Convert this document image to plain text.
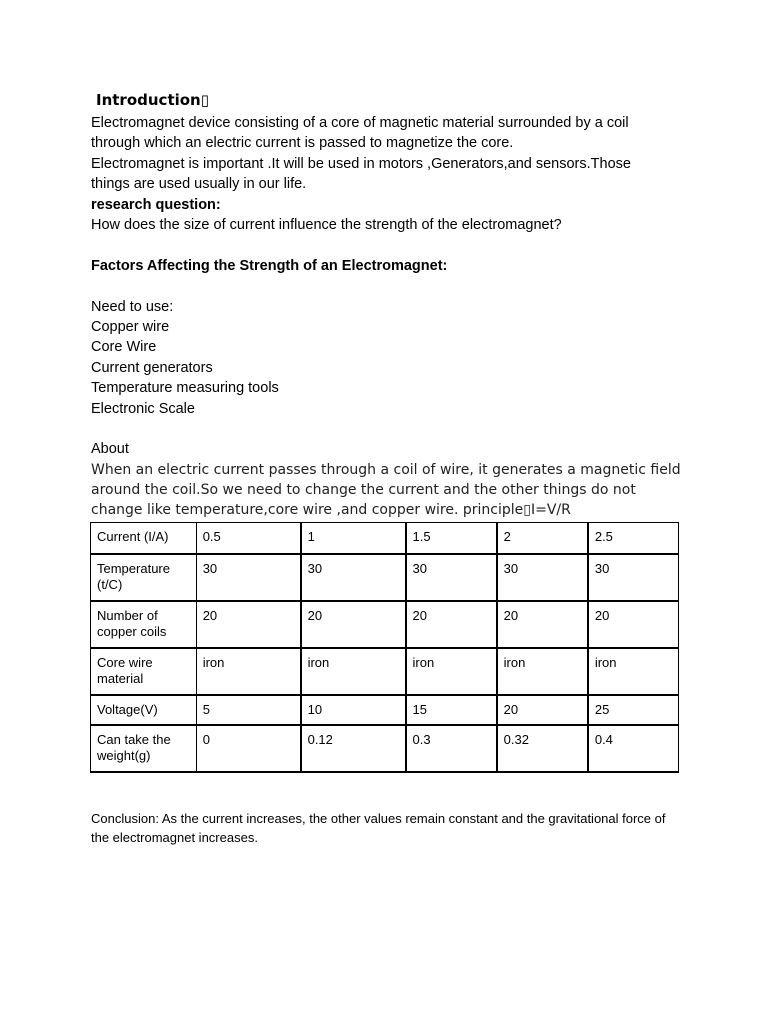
Introduction▯
Electromagnet device consisting of a core of magnetic material surrounded by a coil
through which an electric current is passed to magnetize the core.
Electromagnet is important .It will be used in motors ,Generators,and sensors.Those
things are used usually in our life.
research question:
How does the size of current influence the strength of the electromagnet?
Factors Affecting the Strength of an Electromagnet:
Need to use:
Copper wire
Core Wire
Current generators
Temperature measuring tools
Electronic Scale
About
When an electric current passes through a coil of wire, it generates a magnetic field around the coil.So we need to change the current and the other things do not change like temperature,core wire ,and copper wire. principle▯I=V/R
Current (I/A)	0.5	1	1.5	2	2.5
Temperature (t/C)	30	30	30	30	30
Number of copper coils	20	20	20	20	20
Core wire material	iron	iron	iron	iron	iron
Voltage(V)	5	10	15	20	25
Can take the weight(g)	0	0.12	0.3	0.32	0.4
Conclusion: As the current increases, the other values remain constant and the gravitational force of the electromagnet increases.
